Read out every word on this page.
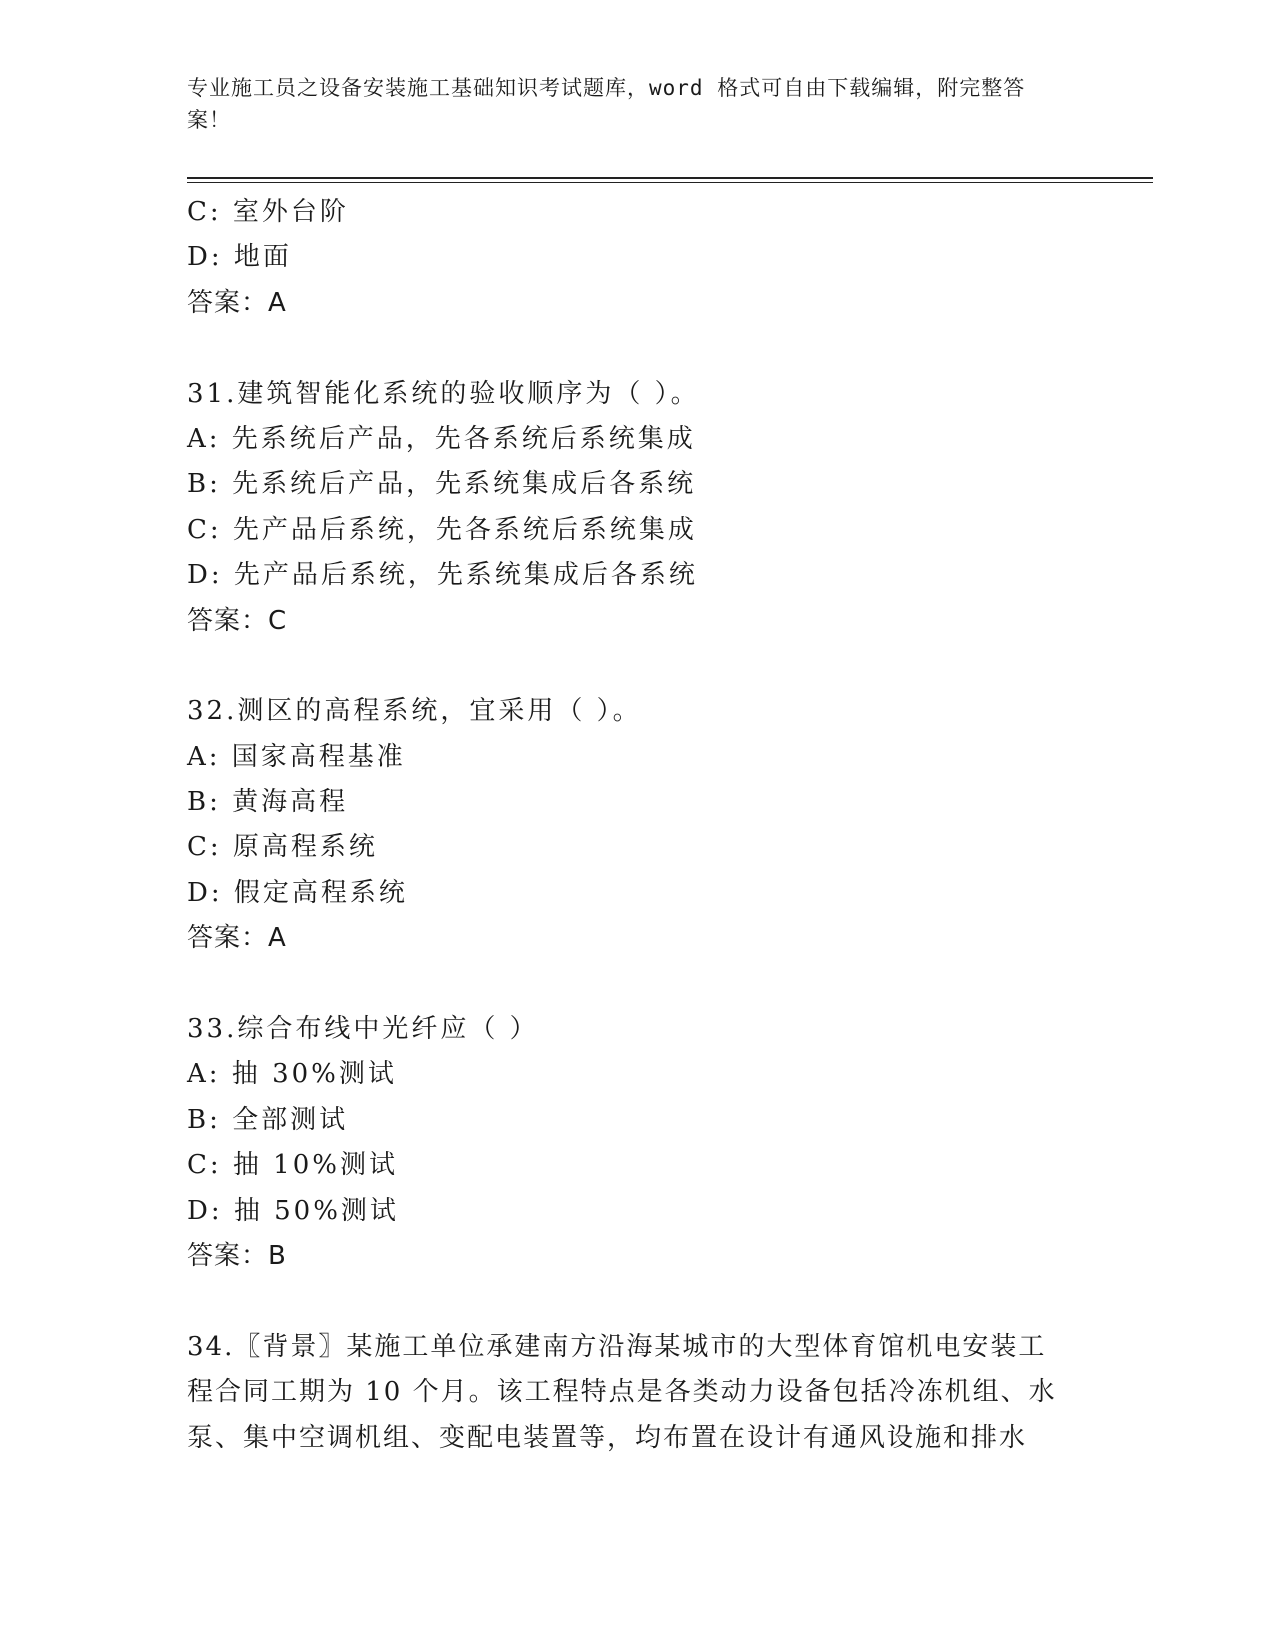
专业施工员之设备安装施工基础知识考试题库，word 格式可自由下载编辑，附完整答案！
C: 室外台阶
D: 地面
答案：A
31.建筑智能化系统的验收顺序为（ ）。
A: 先系统后产品，先各系统后系统集成
B: 先系统后产品，先系统集成后各系统
C: 先产品后系统，先各系统后系统集成
D: 先产品后系统，先系统集成后各系统
答案：C
32.测区的高程系统，宜采用（ ）。
A: 国家高程基准
B: 黄海高程
C: 原高程系统
D: 假定高程系统
答案：A
33.综合布线中光纤应（ ）
A: 抽 30%测试
B: 全部测试
C: 抽 10%测试
D: 抽 50%测试
答案：B
34.〖背景〗某施工单位承建南方沿海某城市的大型体育馆机电安装工程合同工期为 10 个月。该工程特点是各类动力设备包括冷冻机组、水泵、集中空调机组、变配电装置等，均布置在设计有通风设施和排水
